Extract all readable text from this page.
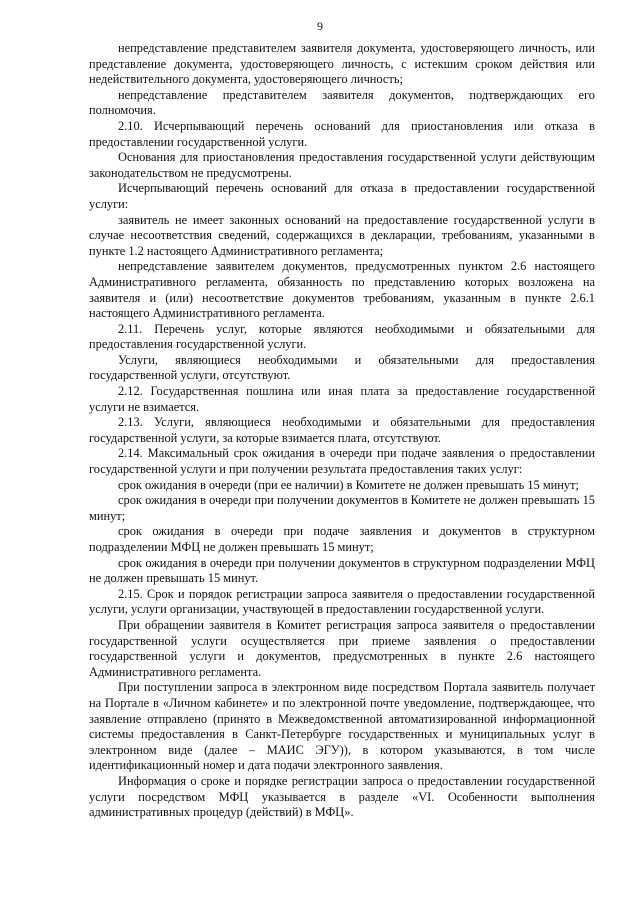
9

непредставление представителем заявителя документа, удостоверяющего личность, или представление документа, удостоверяющего личность, с истекшим сроком действия или недействительного документа, удостоверяющего личность;

непредставление представителем заявителя документов, подтверждающих его полномочия.

2.10. Исчерпывающий перечень оснований для приостановления или отказа в предоставлении государственной услуги.

Основания для приостановления предоставления государственной услуги действующим законодательством не предусмотрены.

Исчерпывающий перечень оснований для отказа в предоставлении государственной услуги:

заявитель не имеет законных оснований на предоставление государственной услуги в случае несоответствия сведений, содержащихся в декларации, требованиям, указанными в пункте 1.2 настоящего Административного регламента;

непредставление заявителем документов, предусмотренных пунктом 2.6 настоящего Административного регламента, обязанность по представлению которых возложена на заявителя и (или) несоответствие документов требованиям, указанным в пункте 2.6.1 настоящего Административного регламента.

2.11. Перечень услуг, которые являются необходимыми и обязательными для предоставления государственной услуги.

Услуги, являющиеся необходимыми и обязательными для предоставления государственной услуги, отсутствуют.

2.12. Государственная пошлина или иная плата за предоставление государственной услуги не взимается.

2.13. Услуги, являющиеся необходимыми и обязательными для предоставления государственной услуги, за которые взимается плата, отсутствуют.

2.14. Максимальный срок ожидания в очереди при подаче заявления о предоставлении государственной услуги и при получении результата предоставления таких услуг:

срок ожидания в очереди (при ее наличии) в Комитете не должен превышать 15 минут;

срок ожидания в очереди при получении документов в Комитете не должен превышать 15 минут;

срок ожидания в очереди при подаче заявления и документов в структурном подразделении МФЦ не должен превышать 15 минут;

срок ожидания в очереди при получении документов в структурном подразделении МФЦ не должен превышать 15 минут.

2.15. Срок и порядок регистрации запроса заявителя о предоставлении государственной услуги, услуги организации, участвующей в предоставлении государственной услуги.

При обращении заявителя в Комитет регистрация запроса заявителя о предоставлении государственной услуги осуществляется при приеме заявления о предоставлении государственной услуги и документов, предусмотренных в пункте 2.6 настоящего Административного регламента.

При поступлении запроса в электронном виде посредством Портала заявитель получает на Портале в «Личном кабинете» и по электронной почте уведомление, подтверждающее, что заявление отправлено (принято в Межведомственной автоматизированной информационной системы предоставления в Санкт-Петербурге государственных и муниципальных услуг в электронном виде (далее – МАИС ЭГУ)), в котором указываются, в том числе идентификационный номер и дата подачи электронного заявления.

Информация о сроке и порядке регистрации запроса о предоставлении государственной услуги посредством МФЦ указывается в разделе «VI. Особенности выполнения административных процедур (действий) в МФЦ».
